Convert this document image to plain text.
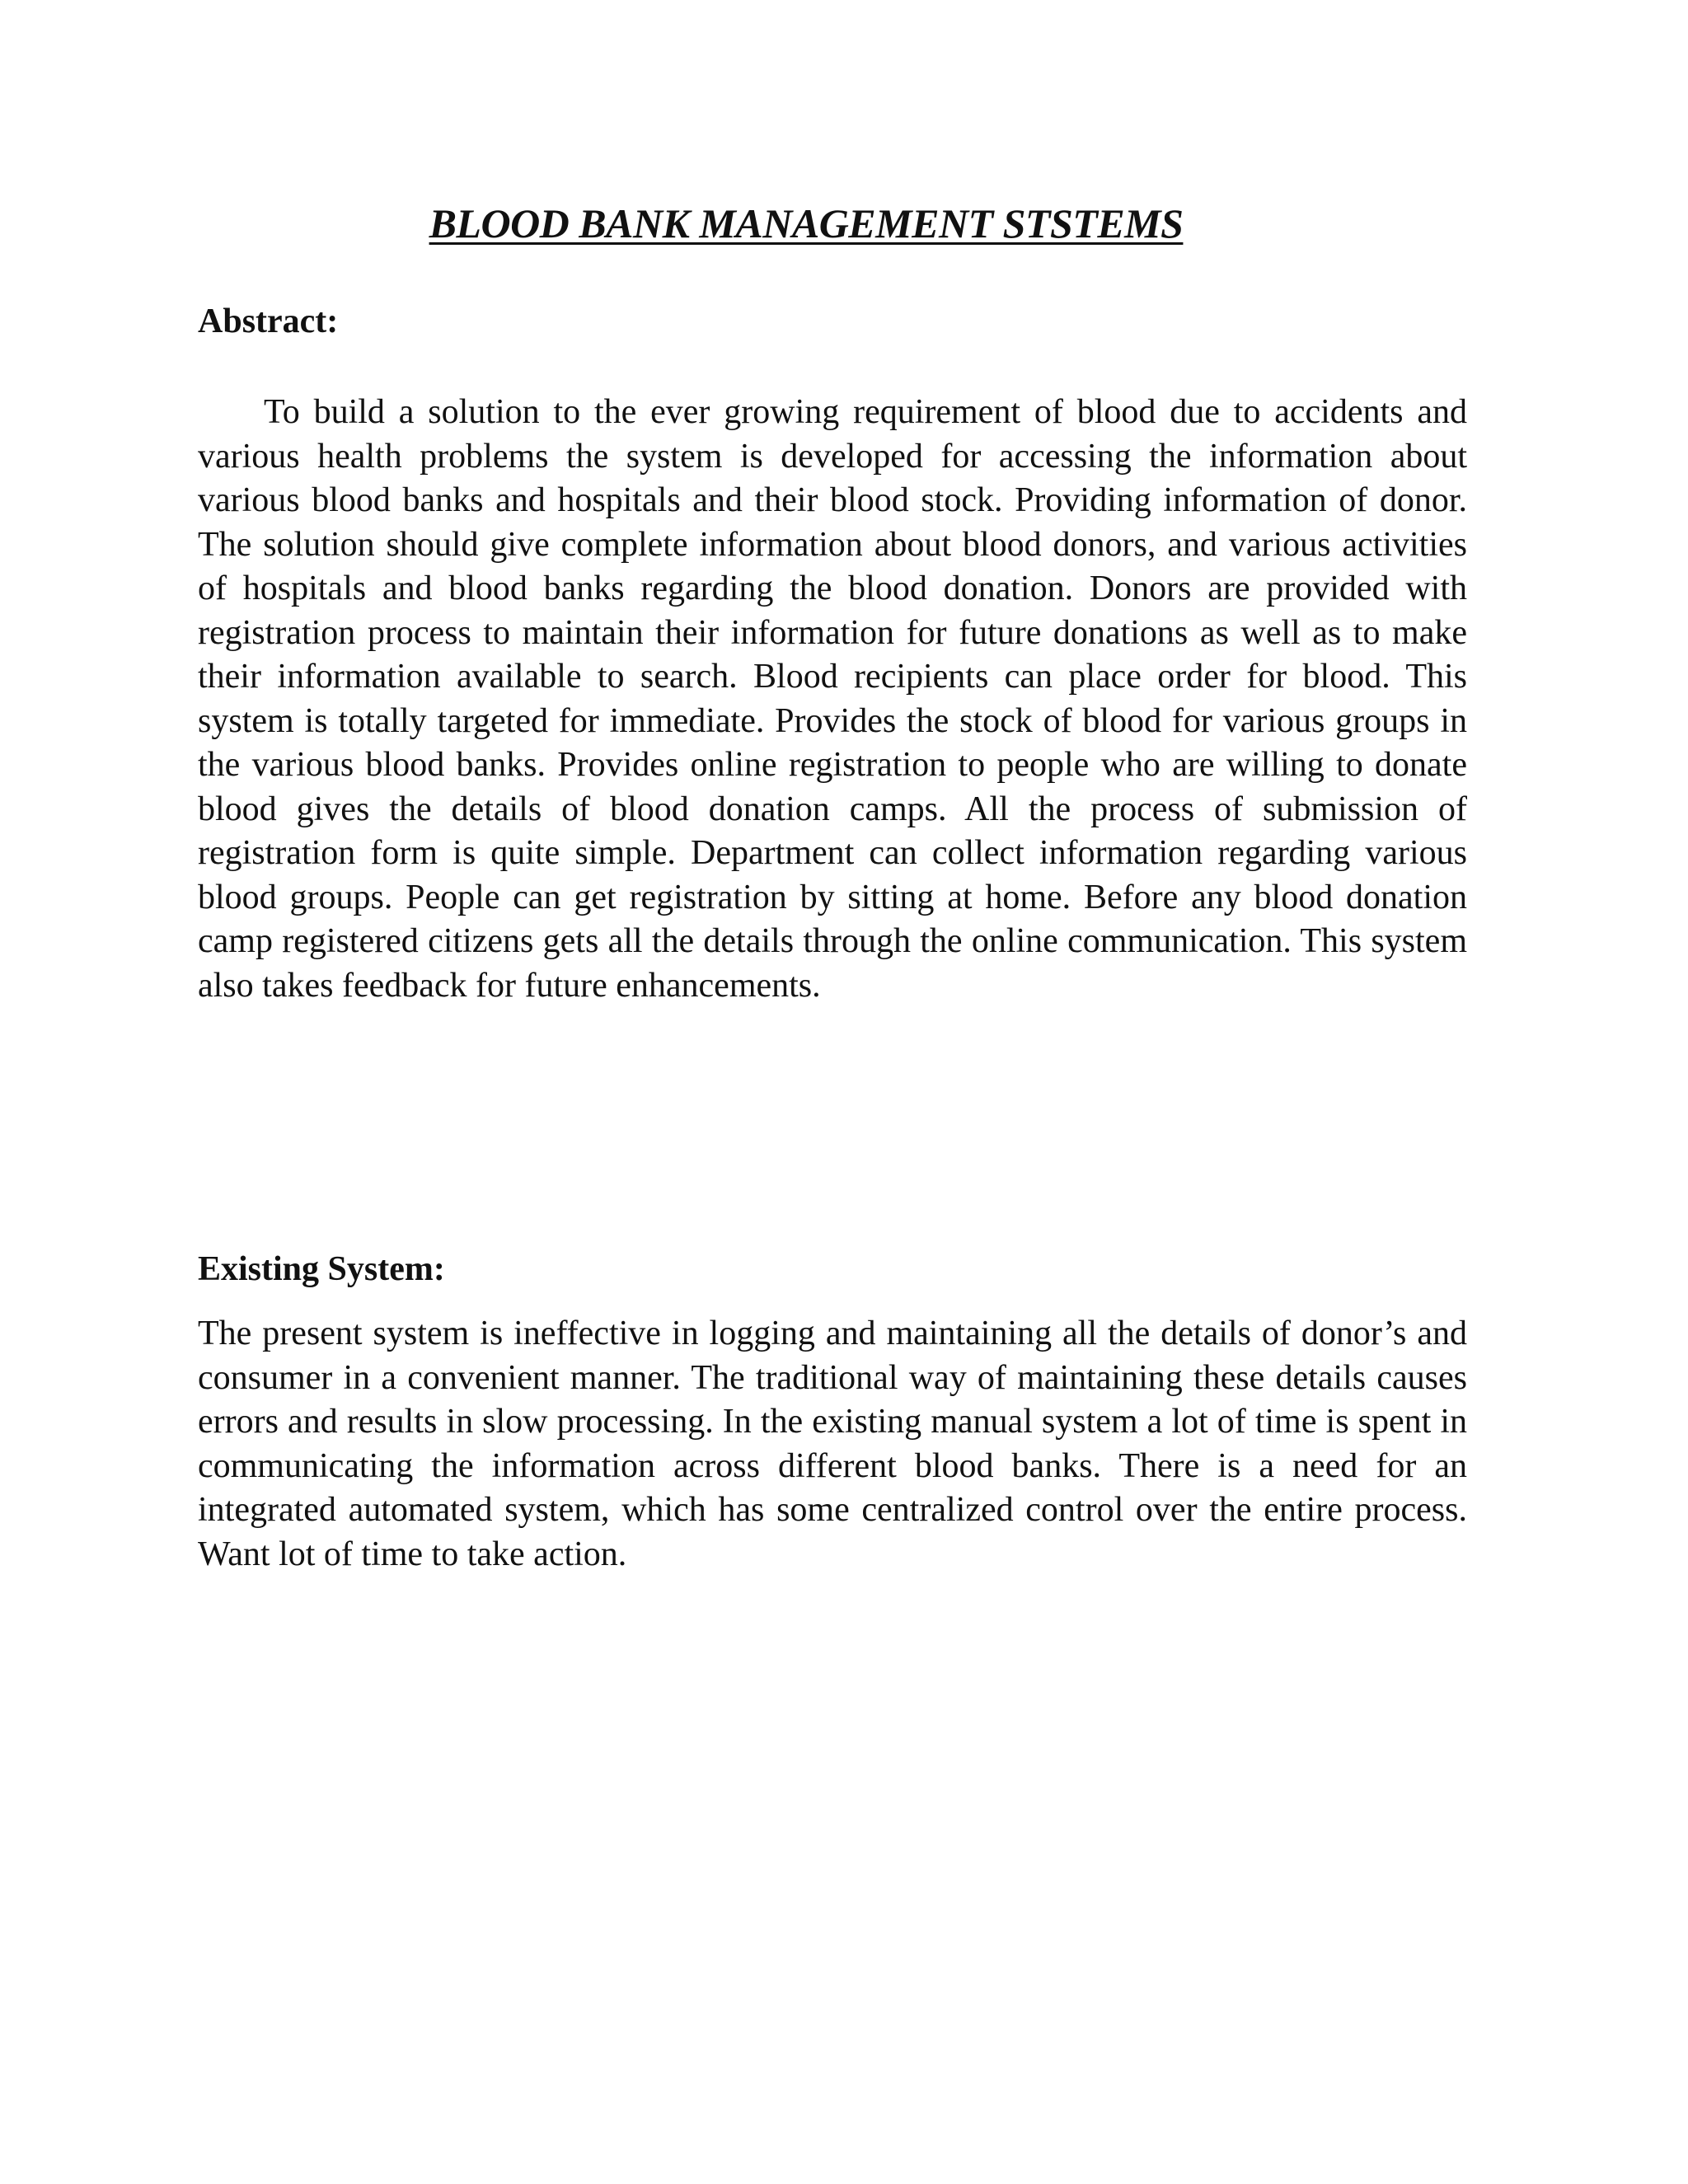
BLOOD BANK MANAGEMENT STSTEMS
Abstract:

To build a solution to the ever growing requirement of blood due to accidents and various health problems the system is developed for accessing the information about various blood banks and hospitals and their blood stock. Providing information of donor. The solution should give complete information about blood donors, and various activities of hospitals and blood banks regarding the blood donation. Donors are provided with registration process to maintain their information for future donations as well as to make their information available to search. Blood recipients can place order for blood. This system is totally targeted for immediate. Provides the stock of blood for various groups in the various blood banks. Provides online registration to people who are willing to donate blood gives the details of blood donation camps. All the process of submission of registration form is quite simple. Department can collect information regarding various blood groups. People can get registration by sitting at home. Before any blood donation camp registered citizens gets all the details through the online communication. This system also takes feedback for future enhancements.

Existing System:

The present system is ineffective in logging and maintaining all the details of donor’s and consumer in a convenient manner. The traditional way of maintaining these details causes errors and results in slow processing. In the existing manual system a lot of time is spent in communicating the information across different blood banks. There is a need for an integrated automated system, which has some centralized control over the entire process. Want lot of time to take action.
